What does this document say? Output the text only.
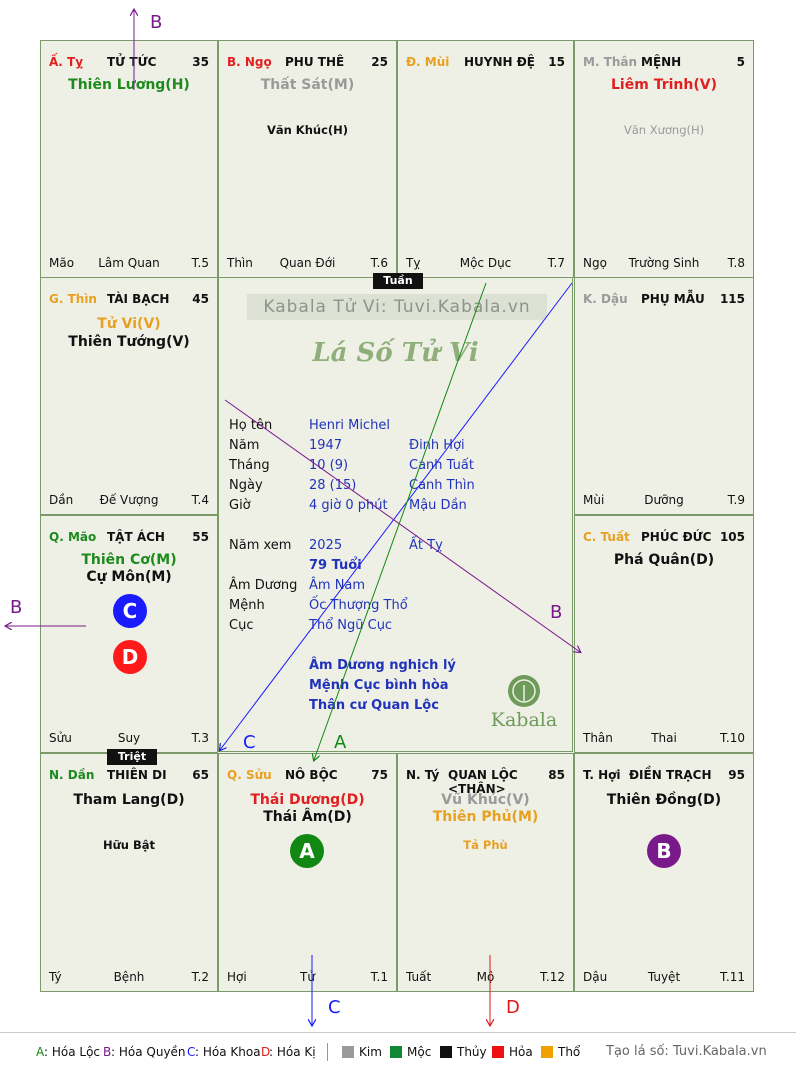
Ấ. Tỵ TỬ TỨC	35
Thiên Lương(H)
Mão	Lâm Quan	T.5
B. Ngọ PHU THÊ 25
Thất Sát(M)
Văn Khúc(H)
Thìn	Quan Đới	T.6
Đ. Mùi HUYNH ĐỆ 15
Tỵ	Mộc Dục	T.7
M. Thân MỆNH	5
Liêm Trinh(V)
Văn Xương(H)
Ngọ	Trường Sinh	T.8
G. Thìn TÀI BẠCH 45
Tử Vi(V)
Thiên Tướng(V)
Dần	Đế Vượng	T.4
K. Dậu PHỤ MẪU 115
Mùi	Dưỡng	T.9
Q. Mão TẬT ÁCH 55
Thiên Cơ(M)
Cự Môn(M)
C
D
Sửu	Suy	T.3
C. Tuất PHÚC ĐỨC 105
Phá Quân(D)
Thân	Thai	T.10
N. Dần THIÊN DI 65
Tham Lang(D)
Hữu Bật
Tý	Bệnh	T.2
Q. Sửu NÔ BỘC	75
Thái Dương(D)
Thái Âm(D)
A
Hợi	Tử	T.1
N. Tý QUAN LỘC <THÂN>
85
Vũ Khúc(V)
Thiên Phủ(M)
Tả Phù
Tuất	Mộ	T.12
T. Hợi ĐIỀN TRẠCH 95
Thiên Đồng(D)
B
Dậu	Tuyệt	T.11
Kabala Tử Vi: Tuvi.Kabala.vn
Lá Số Tử Vi
Họ tên	Henri Michel
Năm	1947	Đinh Hợi
Tháng	10 (9)	Canh Tuất
Ngày	28 (15)	Canh Thìn
Giờ	4 giờ 0 phút Mậu Dần
Năm xem 2025	Ất Tỵ
79 Tuổi
Âm Dương Âm Nam
Mệnh	Ốc Thượng Thổ
Cục	Thổ Ngũ Cục
Âm Dương nghịch lý
Mệnh Cục bình hòa
Thân cư Quan Lộc
Kabala
Tuần
Triệt
B
B	B
C	A
C	D
A : Hóa Lộc B : Hóa Quyền C : Hóa Khoa D
: Hóa Kị	Kim Mộc Thủy Hỏa Thổ Tạo lá số: Tuvi.Kabala.vn
